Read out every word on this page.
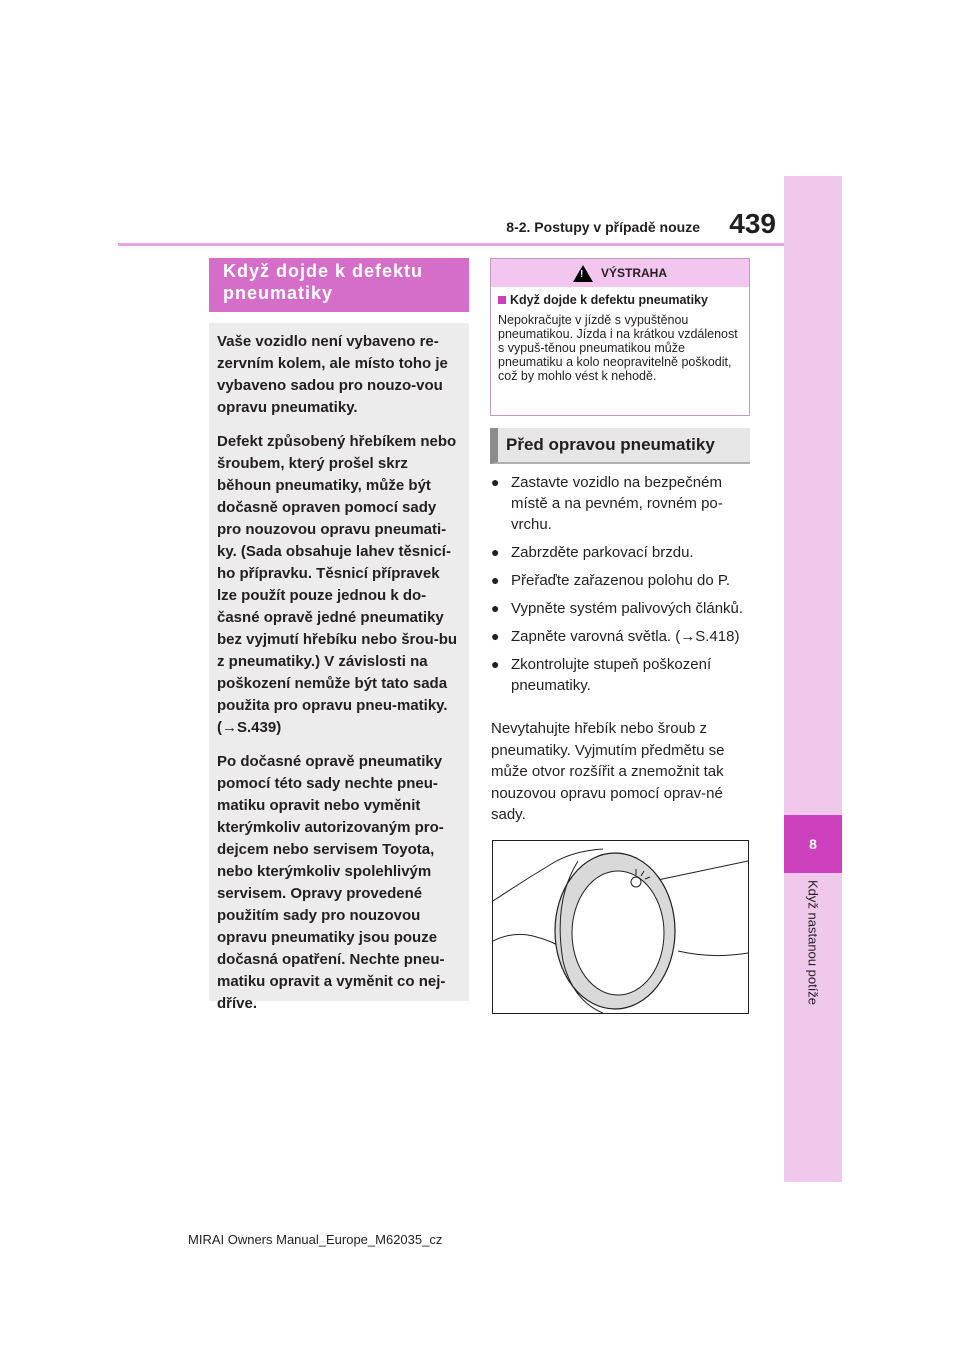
8-2. Postupy v případě nouze	439
8
Když nastanou potíže
Když dojde k defektu pneumatiky

Vaše vozidlo není vybaveno re-zervním kolem, ale místo toho je vybaveno sadou pro nouzo-vou opravu pneumatiky.

Defekt způsobený hřebíkem nebo šroubem, který prošel skrz běhoun pneumatiky, může být dočasně opraven pomocí sady pro nouzovou opravu pneumati-ky. (Sada obsahuje lahev těsnicí-ho přípravku. Těsnicí přípravek lze použít pouze jednou k do-časné opravě jedné pneumatiky bez vyjmutí hřebíku nebo šrou-bu z pneumatiky.) V závislosti na poškození nemůže být tato sada použita pro opravu pneu-matiky. (→S.439)

Po dočasné opravě pneumatiky pomocí této sady nechte pneu-matiku opravit nebo vyměnit kterýmkoliv autorizovaným pro-dejcem nebo servisem Toyota, nebo kterýmkoliv spolehlivým servisem. Opravy provedené použitím sady pro nouzovou opravu pneumatiky jsou pouze dočasná opatření. Nechte pneu-matiku opravit a vyměnit co nej-dříve.

! VÝSTRAHA
Když dojde k defektu pneumatiky
Nepokračujte v jízdě s vypuštěnou pneumatikou. Jízda i na krátkou vzdálenost s vypuš-těnou pneumatikou může pneumatiku a kolo neopravitelně poškodit, což by mohlo vést k nehodě.
Před opravou pneumatiky
● Zastavte vozidlo na bezpečném místě a na pevném, rovném po-vrchu.
● Zabrzděte parkovací brzdu.
● Přeřaďte zařazenou polohu do P.
● Vypněte systém palivových článků.
● Zapněte varovná světla. (→S.418)
● Zkontrolujte stupeň poškození pneumatiky.
Nevytahujte hřebík nebo šroub z pneumatiky. Vyjmutím předmětu se může otvor rozšířit a znemožnit tak nouzovou opravu pomocí oprav-né sady.
MIRAI Owners Manual_Europe_M62035_cz
